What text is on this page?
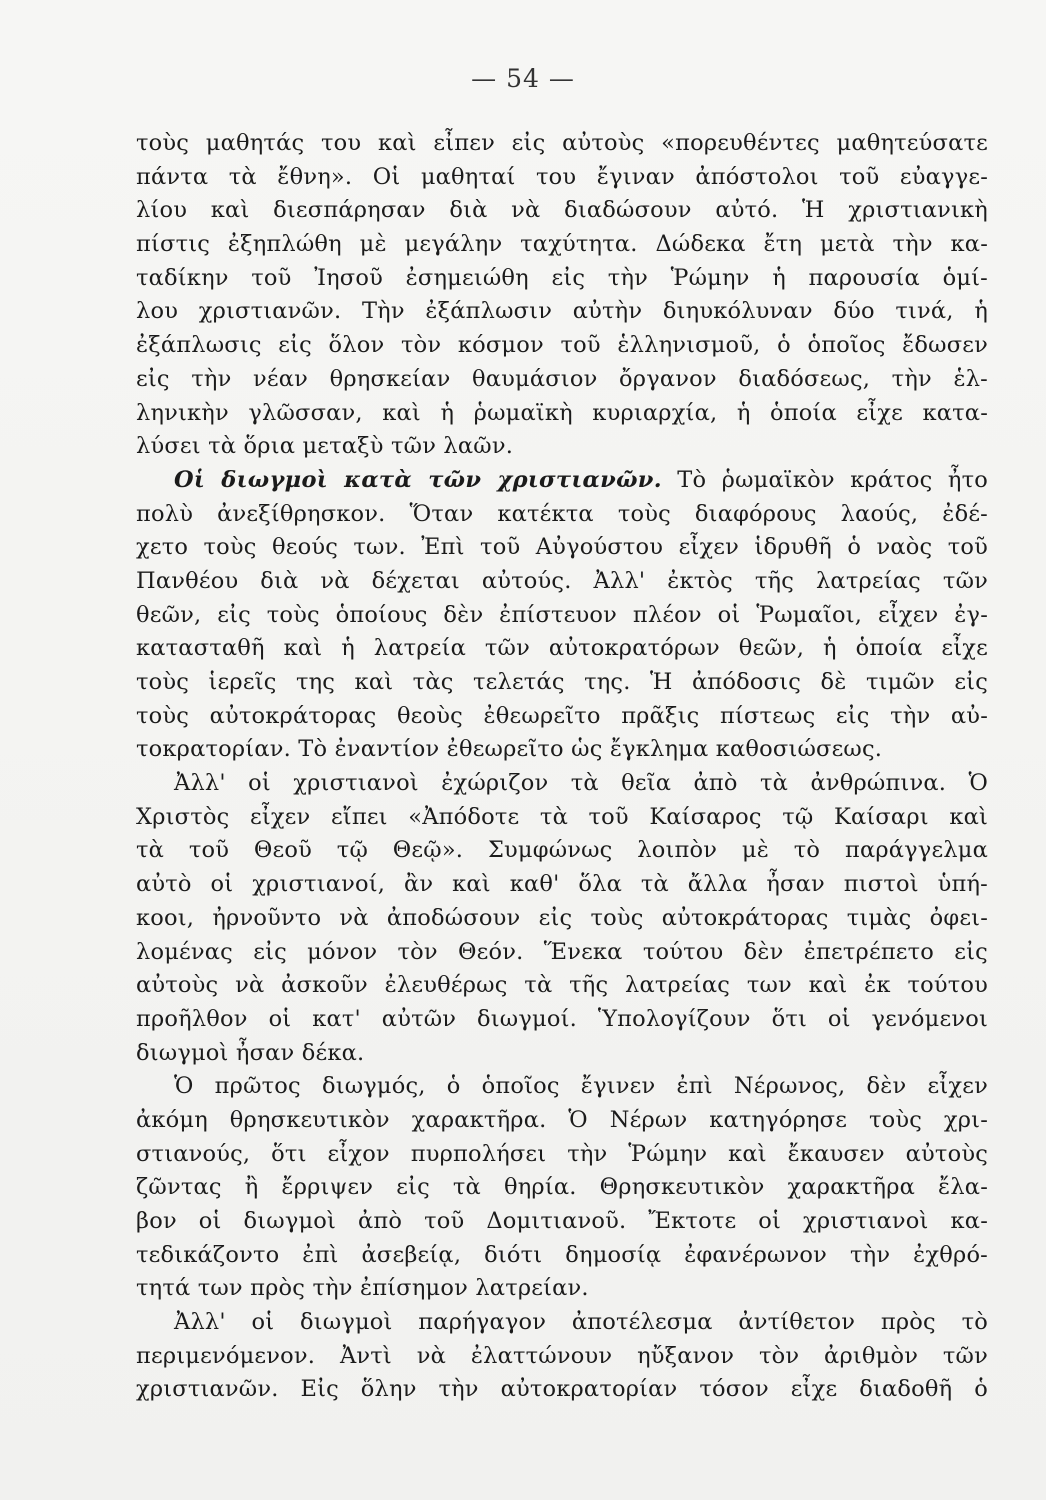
— 54 —
τοὺς μαθητάς του καὶ εἶπεν εἰς αὐτοὺς «πορευθέντες μαθητεύσατε
πάντα τὰ ἔθνη». Οἱ μαθηταί του ἔγιναν ἀπόστολοι τοῦ εὐαγγε-
λίου καὶ διεσπάρησαν διὰ νὰ διαδώσουν αὐτό. Ἡ χριστιανικὴ
πίστις ἐξηπλώθη μὲ μεγάλην ταχύτητα. Δώδεκα ἔτη μετὰ τὴν κα-
ταδίκην τοῦ Ἰησοῦ ἐσημειώθη εἰς τὴν Ῥώμην ἡ παρουσία ὁμί-
λου χριστιανῶν. Τὴν ἐξάπλωσιν αὐτὴν διηυκόλυναν δύο τινά, ἡ
ἐξάπλωσις εἰς ὅλον τὸν κόσμον τοῦ ἑλληνισμοῦ, ὁ ὁποῖος ἔδωσεν
εἰς τὴν νέαν θρησκείαν θαυμάσιον ὄργανον διαδόσεως, τὴν ἑλ-
ληνικὴν γλῶσσαν, καὶ ἡ ῥωμαϊκὴ κυριαρχία, ἡ ὁποία εἶχε κατα-
λύσει τὰ ὅρια μεταξὺ τῶν λαῶν.
Οἱ διωγμοὶ κατὰ τῶν χριστιανῶν. Τὸ ῥωμαϊκὸν κράτος ἦτο
πολὺ ἀνεξίθρησκον. Ὅταν κατέκτα τοὺς διαφόρους λαούς, ἐδέ-
χετο τοὺς θεούς των. Ἐπὶ τοῦ Αὐγούστου εἶχεν ἱδρυθῆ ὁ ναὸς τοῦ
Πανθέου διὰ νὰ δέχεται αὐτούς. Ἀλλ' ἐκτὸς τῆς λατρείας τῶν
θεῶν, εἰς τοὺς ὁποίους δὲν ἐπίστευον πλέον οἱ Ῥωμαῖοι, εἶχεν ἐγ-
κατασταθῆ καὶ ἡ λατρεία τῶν αὐτοκρατόρων θεῶν, ἡ ὁποία εἶχε
τοὺς ἱερεῖς της καὶ τὰς τελετάς της. Ἡ ἀπόδοσις δὲ τιμῶν εἰς
τοὺς αὐτοκράτορας θεοὺς ἐθεωρεῖτο πρᾶξις πίστεως εἰς τὴν αὐ-
τοκρατορίαν. Τὸ ἐναντίον ἐθεωρεῖτο ὡς ἔγκλημα καθοσιώσεως.
Ἀλλ' οἱ χριστιανοὶ ἐχώριζον τὰ θεῖα ἀπὸ τὰ ἀνθρώπινα. Ὁ
Χριστὸς εἶχεν εἴπει «Ἀπόδοτε τὰ τοῦ Καίσαρος τῷ Καίσαρι καὶ
τὰ τοῦ Θεοῦ τῷ Θεῷ». Συμφώνως λοιπὸν μὲ τὸ παράγγελμα
αὐτὸ οἱ χριστιανοί, ἂν καὶ καθ' ὅλα τὰ ἄλλα ἦσαν πιστοὶ ὑπή-
κοοι, ἠρνοῦντο νὰ ἀποδώσουν εἰς τοὺς αὐτοκράτορας τιμὰς ὀφει-
λομένας εἰς μόνον τὸν Θεόν. Ἕνεκα τούτου δὲν ἐπετρέπετο εἰς
αὐτοὺς νὰ ἀσκοῦν ἐλευθέρως τὰ τῆς λατρείας των καὶ ἐκ τούτου
προῆλθον οἱ κατ' αὐτῶν διωγμοί. Ὑπολογίζουν ὅτι οἱ γενόμενοι
διωγμοὶ ἦσαν δέκα.
Ὁ πρῶτος διωγμός, ὁ ὁποῖος ἔγινεν ἐπὶ Νέρωνος, δὲν εἶχεν
ἀκόμη θρησκευτικὸν χαρακτῆρα. Ὁ Νέρων κατηγόρησε τοὺς χρι-
στιανούς, ὅτι εἶχον πυρπολήσει τὴν Ῥώμην καὶ ἔκαυσεν αὐτοὺς
ζῶντας ἢ ἔρριψεν εἰς τὰ θηρία. Θρησκευτικὸν χαρακτῆρα ἔλα-
βον οἱ διωγμοὶ ἀπὸ τοῦ Δομιτιανοῦ. Ἔκτοτε οἱ χριστιανοὶ κα-
τεδικάζοντο ἐπὶ ἀσεβείᾳ, διότι δημοσίᾳ ἐφανέρωνον τὴν ἐχθρό-
τητά των πρὸς τὴν ἐπίσημον λατρείαν.
Ἀλλ' οἱ διωγμοὶ παρήγαγον ἀποτέλεσμα ἀντίθετον πρὸς τὸ
περιμενόμενον. Ἀντὶ νὰ ἐλαττώνουν ηὔξανον τὸν ἀριθμὸν τῶν
χριστιανῶν. Εἰς ὅλην τὴν αὐτοκρατορίαν τόσον εἶχε διαδοθῆ ὁ
